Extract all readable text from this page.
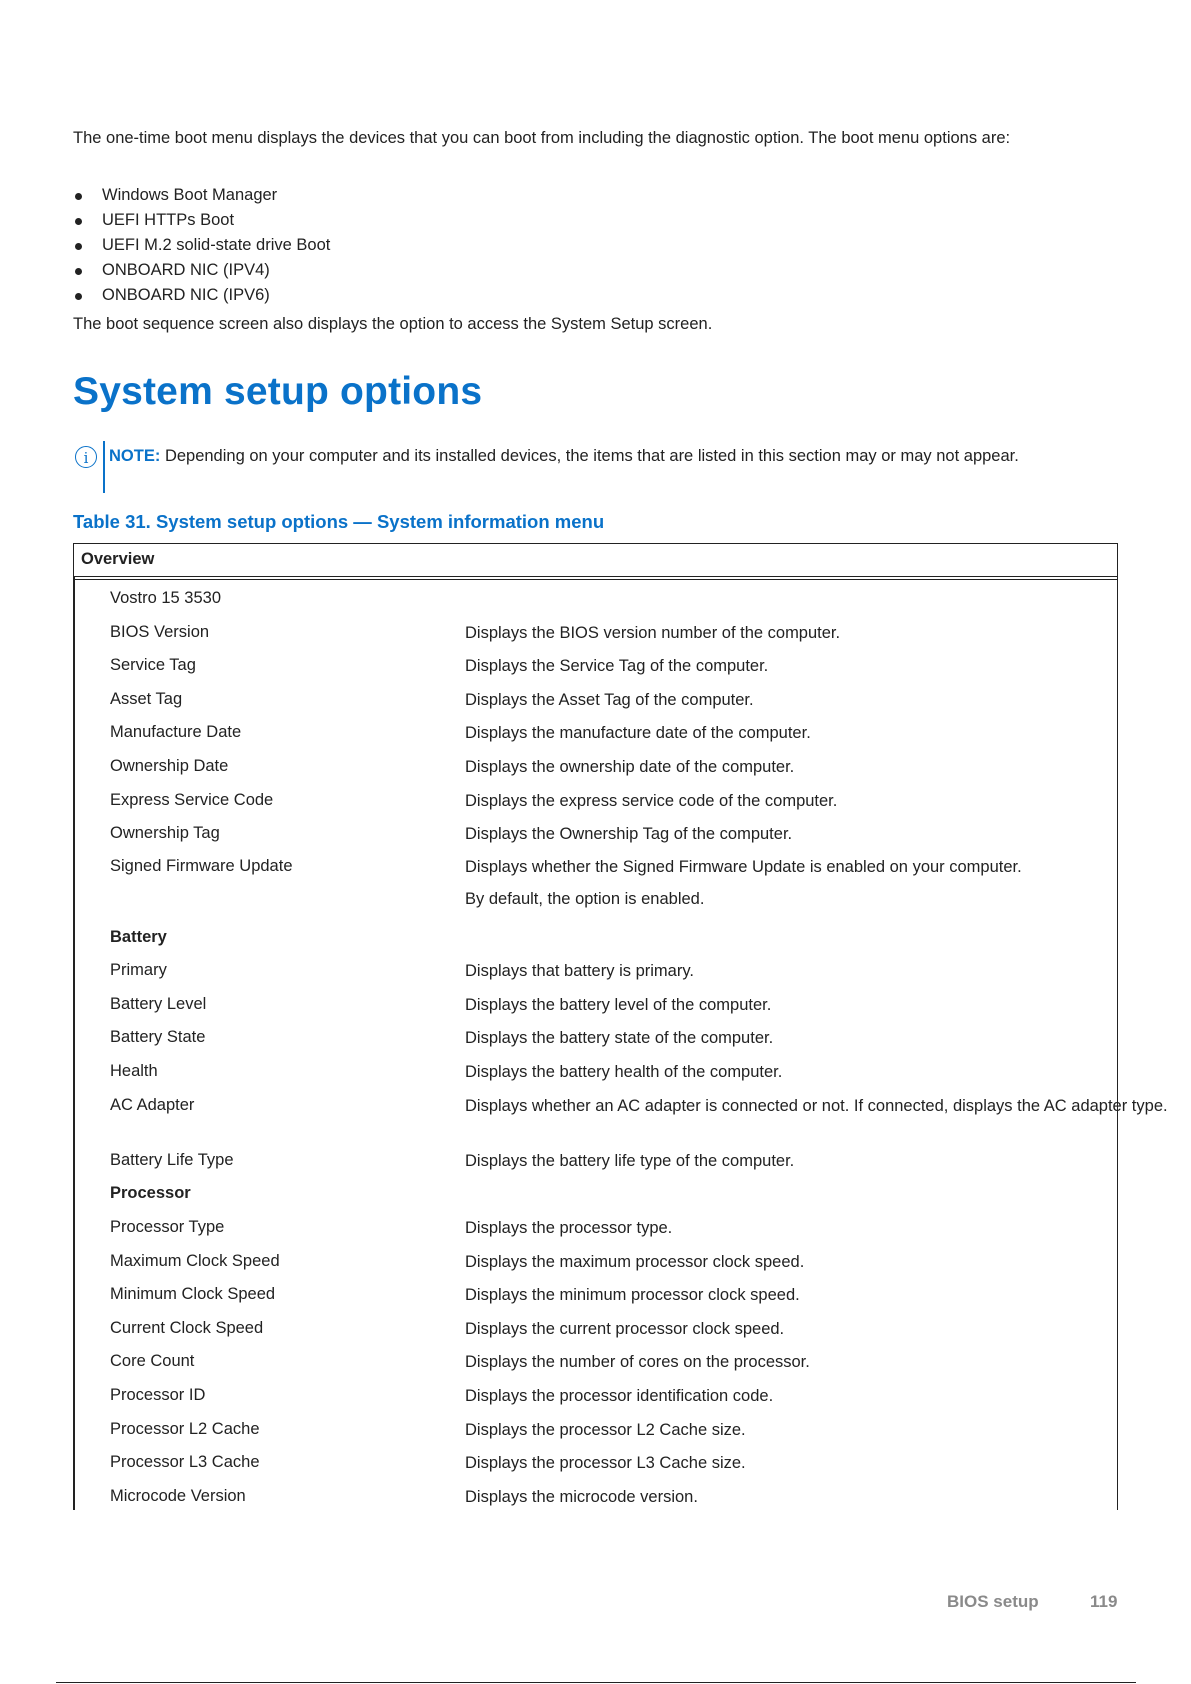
The one-time boot menu displays the devices that you can boot from including the diagnostic option. The boot menu options are:
Windows Boot Manager
UEFI HTTPs Boot
UEFI M.2 solid-state drive Boot
ONBOARD NIC (IPV4)
ONBOARD NIC (IPV6)
The boot sequence screen also displays the option to access the System Setup screen.
System setup options
i	NOTE: Depending on your computer and its installed devices, the items that are listed in this section may or may not appear.
Table 31. System setup options — System information menu
Overview
Vostro 15 3530
BIOS Version	Displays the BIOS version number of the computer.
Service Tag	Displays the Service Tag of the computer.
Asset Tag	Displays the Asset Tag of the computer.
Manufacture Date	Displays the manufacture date of the computer.
Ownership Date	Displays the ownership date of the computer.
Express Service Code	Displays the express service code of the computer.
Ownership Tag	Displays the Ownership Tag of the computer.
Signed Firmware Update	Displays whether the Signed Firmware Update is enabled on your computer.
By default, the option is enabled.
Battery
Primary	Displays that battery is primary.
Battery Level	Displays the battery level of the computer.
Battery State	Displays the battery state of the computer.
Health	Displays the battery health of the computer.
AC Adapter	Displays whether an AC adapter is connected or not. If connected, displays the AC adapter type.
Battery Life Type	Displays the battery life type of the computer.
Processor
Processor Type	Displays the processor type.
Maximum Clock Speed	Displays the maximum processor clock speed.
Minimum Clock Speed	Displays the minimum processor clock speed.
Current Clock Speed	Displays the current processor clock speed.
Core Count	Displays the number of cores on the processor.
Processor ID	Displays the processor identification code.
Processor L2 Cache	Displays the processor L2 Cache size.
Processor L3 Cache	Displays the processor L3 Cache size.
Microcode Version	Displays the microcode version.
BIOS setup	119
